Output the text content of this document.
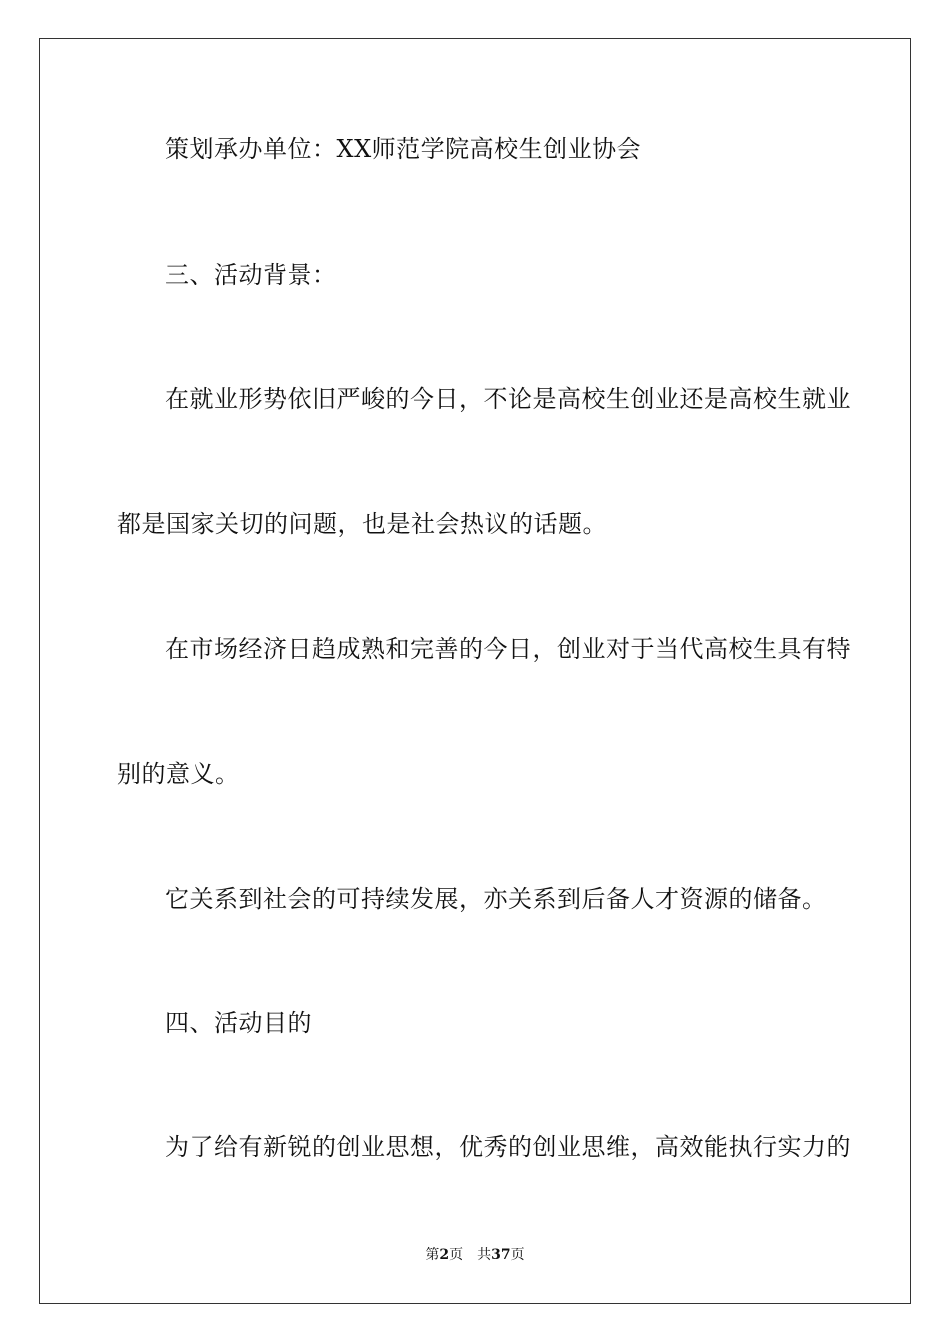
策划承办单位：XX师范学院高校生创业协会
三、活动背景：
在就业形势依旧严峻的今日，不论是高校生创业还是高校生就业
都是国家关切的问题，也是社会热议的话题。
在市场经济日趋成熟和完善的今日，创业对于当代高校生具有特
别的意义。
它关系到社会的可持续发展，亦关系到后备人才资源的储备。
四、活动目的
为了给有新锐的创业思想，优秀的创业思维，高效能执行实力的
第2页 共37页
